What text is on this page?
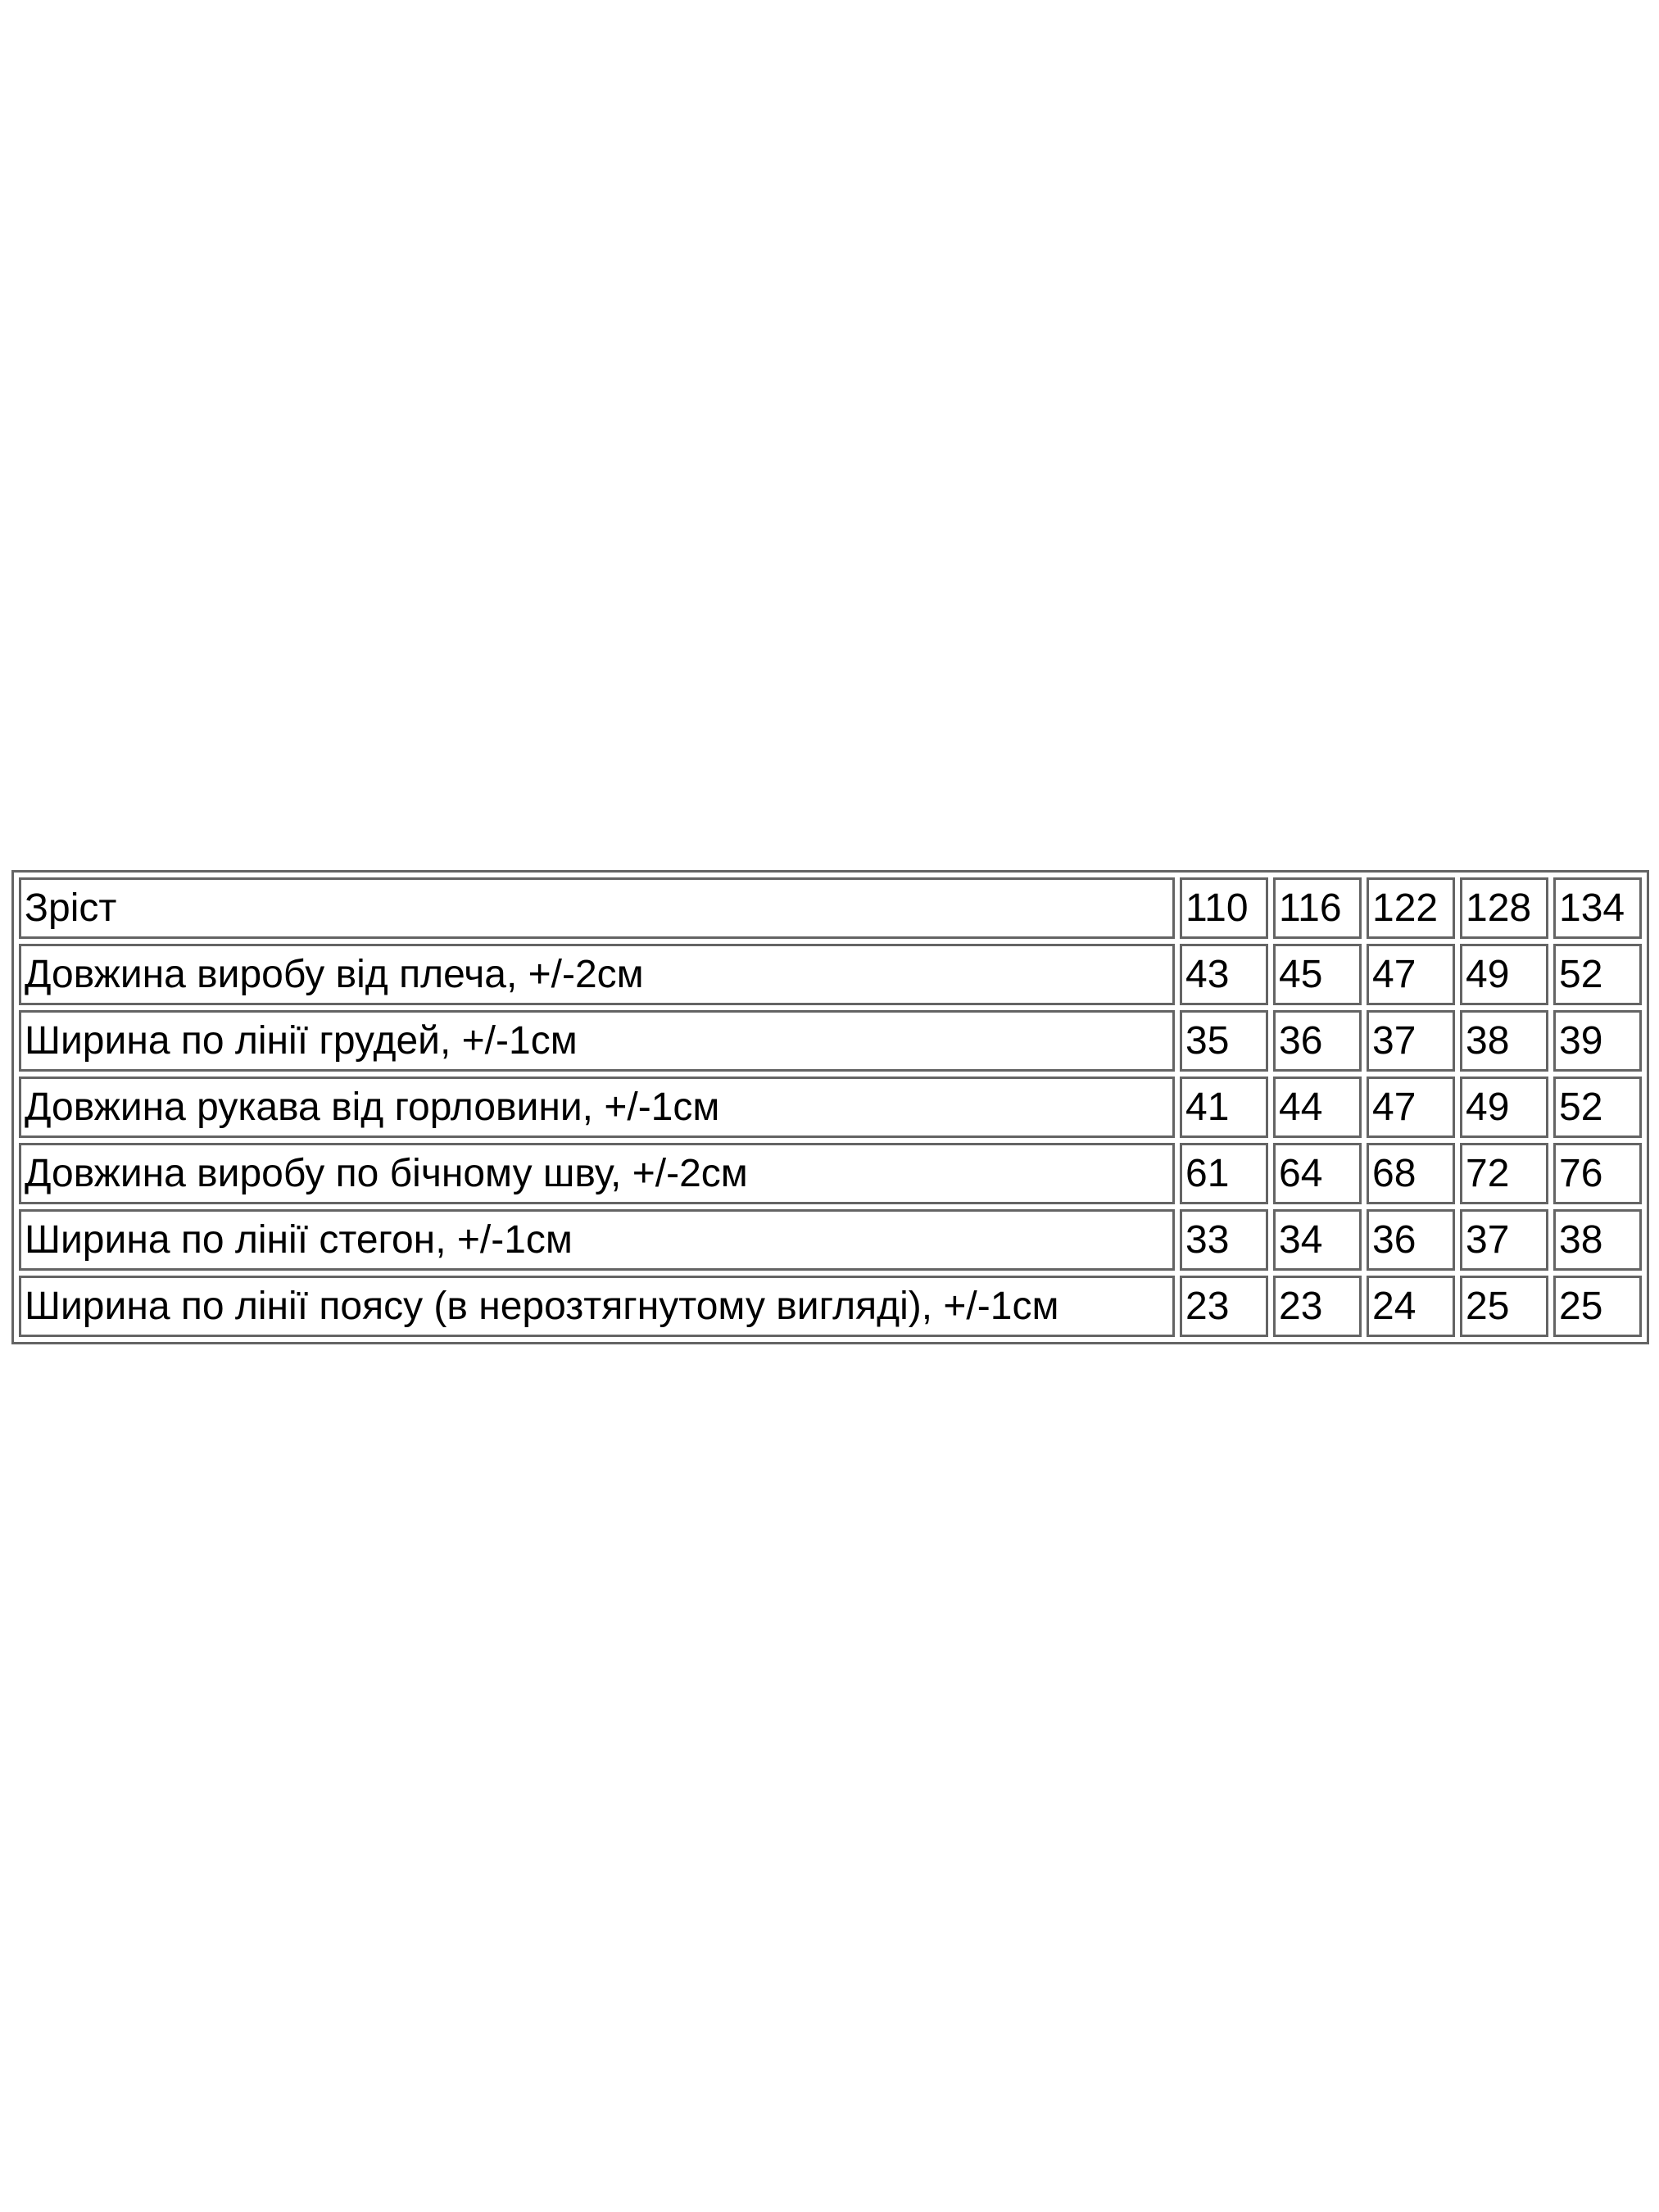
Зріст	110	116	122	128	134
Довжина виробу від плеча, +/-2см	43	45	47	49	52
Ширина по лінії грудей, +/-1см	35	36	37	38	39
Довжина рукава від горловини, +/-1см	41	44	47	49	52
Довжина виробу по бічному шву, +/-2см	61	64	68	72	76
Ширина по лінії стегон, +/-1см	33	34	36	37	38
Ширина по лінії поясу (в нерозтягнутому вигляді), +/-1см	23	23	24	25	25
